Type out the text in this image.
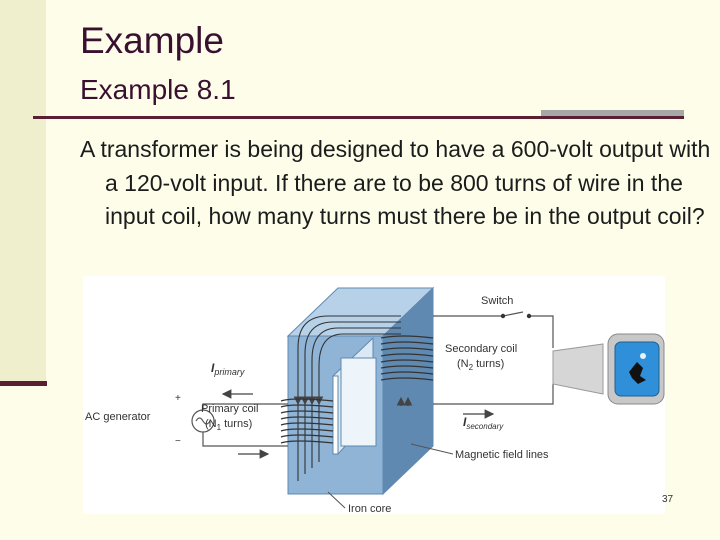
Example
Example 8.1

A transformer is being designed to have a 600-volt output with a 120-volt input. If there are to be 800 turns of wire in the input coil, how many turns must there be in the output coil?

Switch
Secondary coil
($N_2$ turns)
$I_{primary}$
Primary coil
($N_1$ turns)
AC generator
+
−
$I_{secondary}$
Magnetic field lines
Iron core
37
